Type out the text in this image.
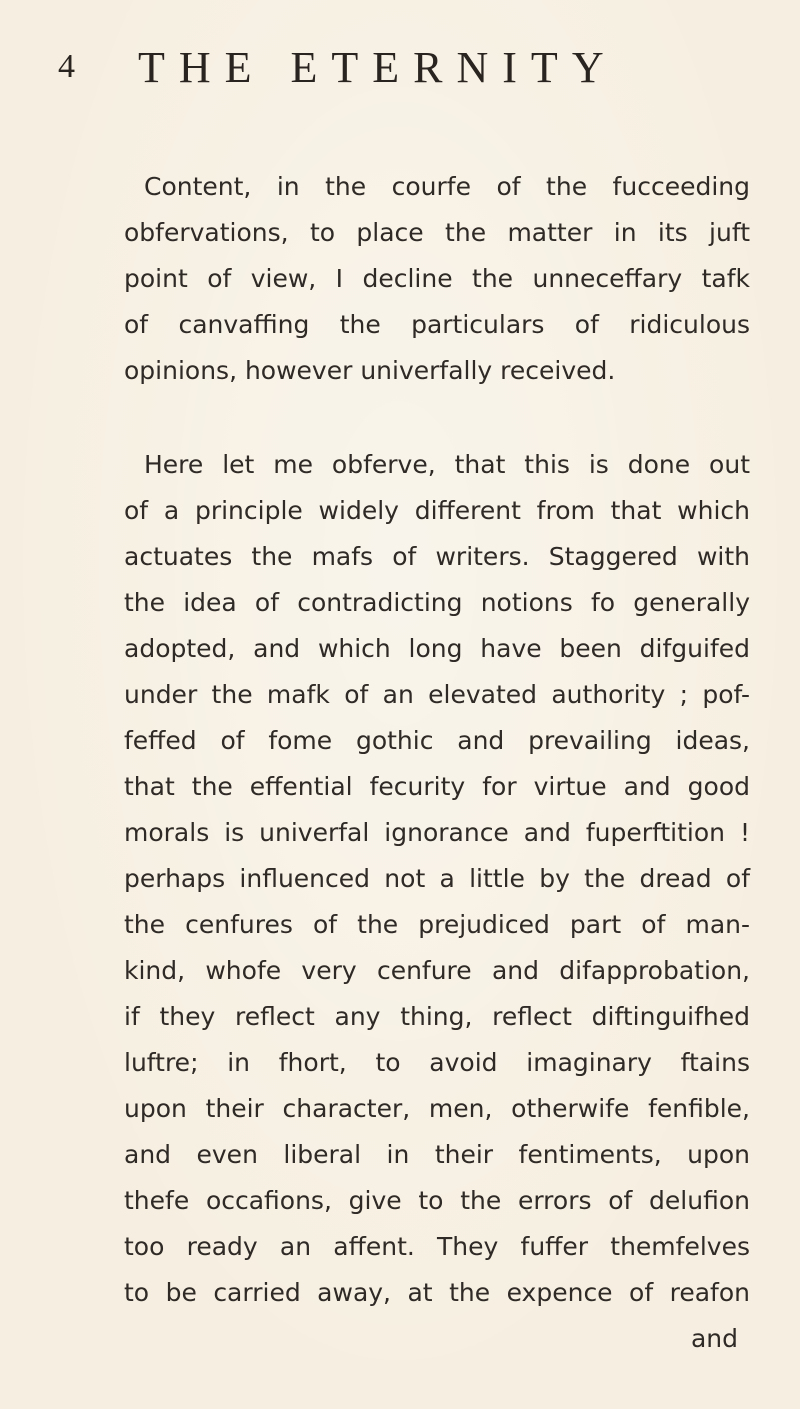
4 THE ETERNITY
Content, in the courfe of the fucceeding
obfervations, to place the matter in its juft
point of view, I decline the unneceffary tafk
of canvaffing the particulars of ridiculous
opinions, however univerfally received.
Here let me obferve, that this is done out
of a principle widely different from that which
actuates the mafs of writers. Staggered with
the idea of contradicting notions fo generally
adopted, and which long have been difguifed
under the mafk of an elevated authority ; pof-
feffed of fome gothic and prevailing ideas,
that the effential fecurity for virtue and good
morals is univerfal ignorance and fuperftition !
perhaps influenced not a little by the dread of
the cenfures of the prejudiced part of man-
kind, whofe very cenfure and difapprobation,
if they reflect any thing, reflect diftinguifhed
luftre; in fhort, to avoid imaginary ftains
upon their character, men, otherwife fenfible,
and even liberal in their fentiments, upon
thefe occafions, give to the errors of delufion
too ready an affent. They fuffer themfelves
to be carried away, at the expence of reafon
and
